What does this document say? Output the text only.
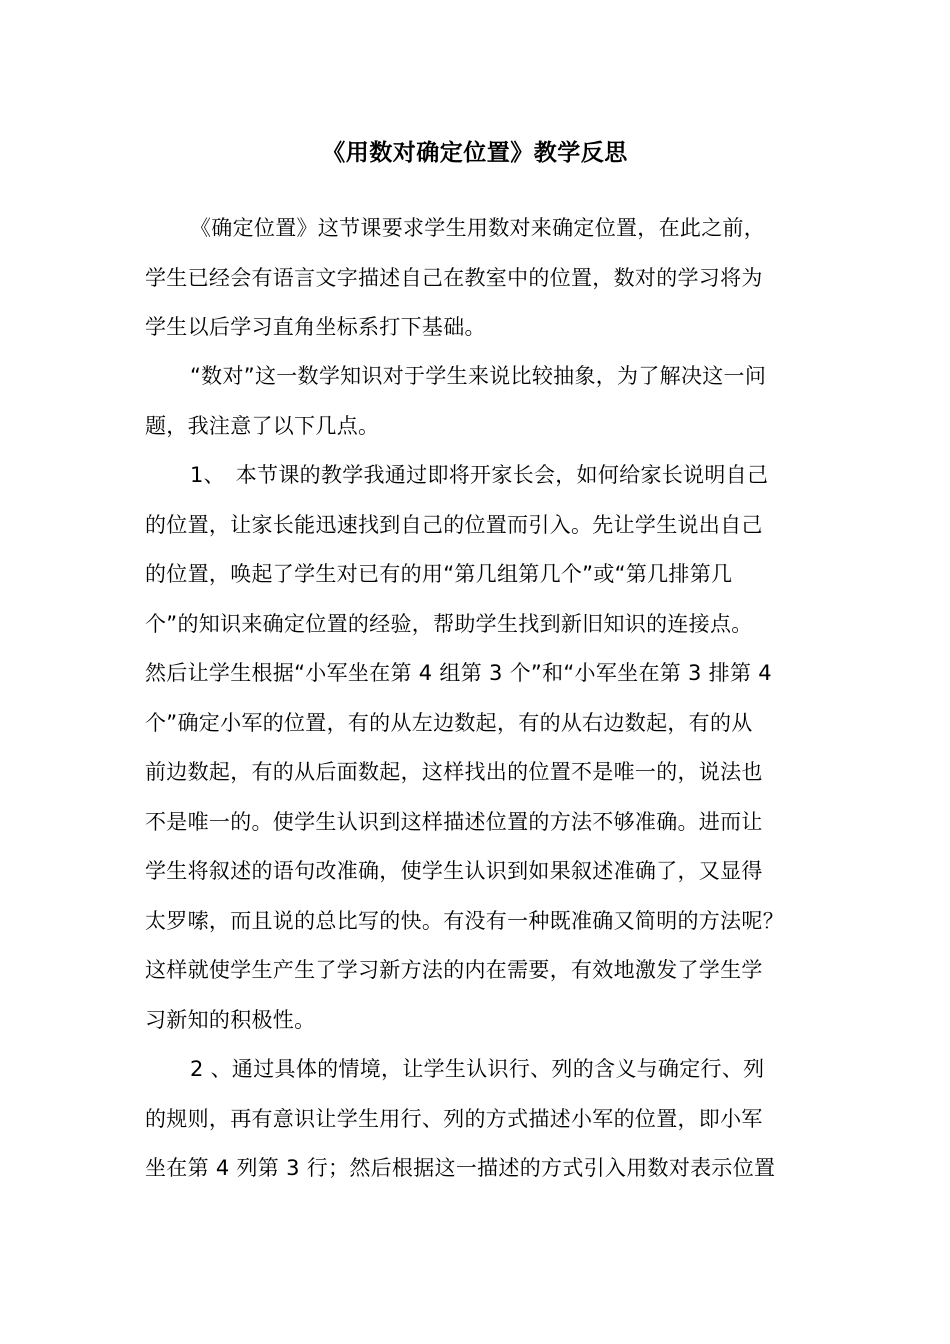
《用数对确定位置》教学反思
《确定位置》这节课要求学生用数对来确定位置，在此之前，
学生已经会有语言文字描述自己在教室中的位置，数对的学习将为
学生以后学习直角坐标系打下基础。
“数对”这一数学知识对于学生来说比较抽象，为了解决这一问
题，我注意了以下几点。
1、　本节课的教学我通过即将开家长会，如何给家长说明自己
的位置，让家长能迅速找到自己的位置而引入。先让学生说出自己
的位置，唤起了学生对已有的用“第几组第几个”或“第几排第几
个”的知识来确定位置的经验，帮助学生找到新旧知识的连接点。
然后让学生根据“小军坐在第 4 组第 3 个”和“小军坐在第 3 排第 4
个”确定小军的位置，有的从左边数起，有的从右边数起，有的从
前边数起，有的从后面数起，这样找出的位置不是唯一的，说法也
不是唯一的。使学生认识到这样描述位置的方法不够准确。进而让
学生将叙述的语句改准确，使学生认识到如果叙述准确了，又显得
太罗嗦，而且说的总比写的快。有没有一种既准确又简明的方法呢？
这样就使学生产生了学习新方法的内在需要，有效地激发了学生学
习新知的积极性。
2 、通过具体的情境，让学生认识行、列的含义与确定行、列
的规则，再有意识让学生用行、列的方式描述小军的位置，即小军
坐在第 4 列第 3 行；然后根据这一描述的方式引入用数对表示位置
